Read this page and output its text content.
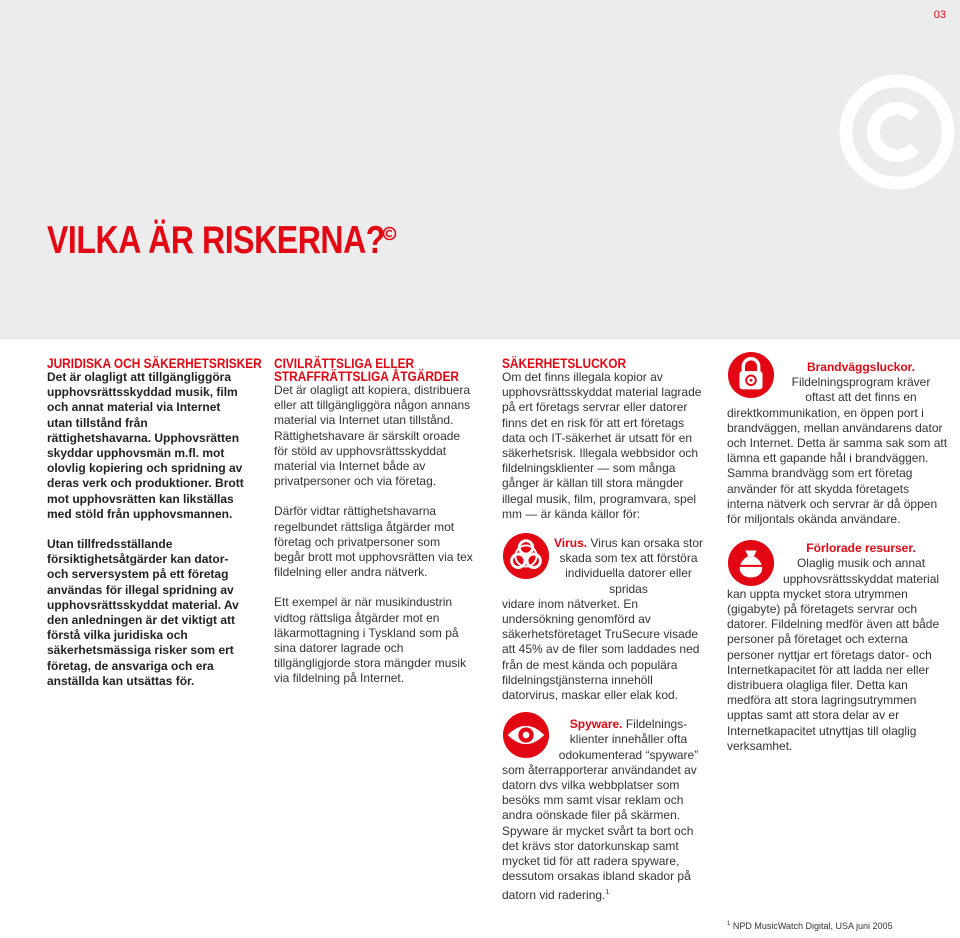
03
VILKA ÄR RISKERNA?
JURIDISKA OCH SÄKERHETSRISKER

Det är olagligt att tillgängliggöra upphovsrättsskyddad musik, film och annat material via Internet utan tillstånd från rättighetshavarna. Upphovsrätten skyddar upphovsmän m.fl. mot olovlig kopiering och spridning av deras verk och produktioner. Brott mot upphovsrätten kan likställas med stöld från upphovsmannen.

Utan tillfredsställande försiktighetsåtgärder kan dator- och serversystem på ett företag användas för illegal spridning av upphovsrättsskyddat material. Av den anledningen är det viktigt att förstå vilka juridiska och säkerhetsmässiga risker som ert företag, de ansvariga och era anställda kan utsättas för.

CIVILRÄTTSLIGA ELLER
STRAFFRÄTTSLIGA ÅTGÄRDER

Det är olagligt att kopiera, distribuera eller att tillgängliggöra någon annans material via Internet utan tillstånd. Rättighetshavare är särskilt oroade för stöld av upphovsrättsskyddat material via Internet både av privatpersoner och via företag.

Därför vidtar rättighetshavarna regelbundet rättsliga åtgärder mot företag och privatpersoner som begår brott mot upphovsrätten via tex fildelning eller andra nätverk.

Ett exempel är när musikindustrin vidtog rättsliga åtgärder mot en läkarmottagning i Tyskland som på sina datorer lagrade och tillgängligjorde stora mängder musik via fildelning på Internet.

SÄKERHETSLUCKOR

Om det finns illegala kopior av upphovsrättsskyddat material lagrade på ert företags servrar eller datorer finns det en risk för att ert företags data och IT-säkerhet är utsatt för en säkerhetsrisk. Illegala webbsidor och fildelningsklienter — som många gånger är källan till stora mängder illegal musik, film, programvara, spel mm — är kända källor för:

Virus. Virus kan orsaka stor
skada som tex att förstöra
individuella datorer eller spridas

vidare inom nätverket. En undersökning genomförd av säkerhetsföretaget TruSecure visade att 45% av de filer som laddades ned från de mest kända och populära fildelningstjänsterna innehöll datorvirus, maskar eller elak kod.

Spyware. Fildelnings-
klienter innehåller ofta
odokumenterad “spyware”

som återrapporterar användandet av datorn dvs vilka webbplatser som besöks mm samt visar reklam och andra oönskade filer på skärmen. Spyware är mycket svårt ta bort och det krävs stor datorkunskap samt mycket tid för att radera spyware, dessutom orsakas ibland skador på datorn vid radering.$^1$

Brandväggsluckor.
Fildelningsprogram kräver
oftast att det finns en

direktkommunikation, en öppen port i brandväggen, mellan användarens dator och Internet. Detta är samma sak som att lämna ett gapande hål i brandväggen. Samma brandvägg som ert företag använder för att skydda företagets interna nätverk och servrar är då öppen för miljontals okända användare.

Förlorade resurser.
Olaglig musik och annat
upphovsrättsskyddat material

kan uppta mycket stora utrymmen (gigabyte) på företagets servrar och datorer. Fildelning medför även att både personer på företaget och externa personer nyttjar ert företags dator- och Internetkapacitet för att ladda ner eller distribuera olagliga filer. Detta kan medföra att stora lagringsutrymmen upptas samt att stora delar av er Internetkapacitet utnyttjas till olaglig verksamhet.

$^1$ NPD MusicWatch Digital, USA juni 2005
